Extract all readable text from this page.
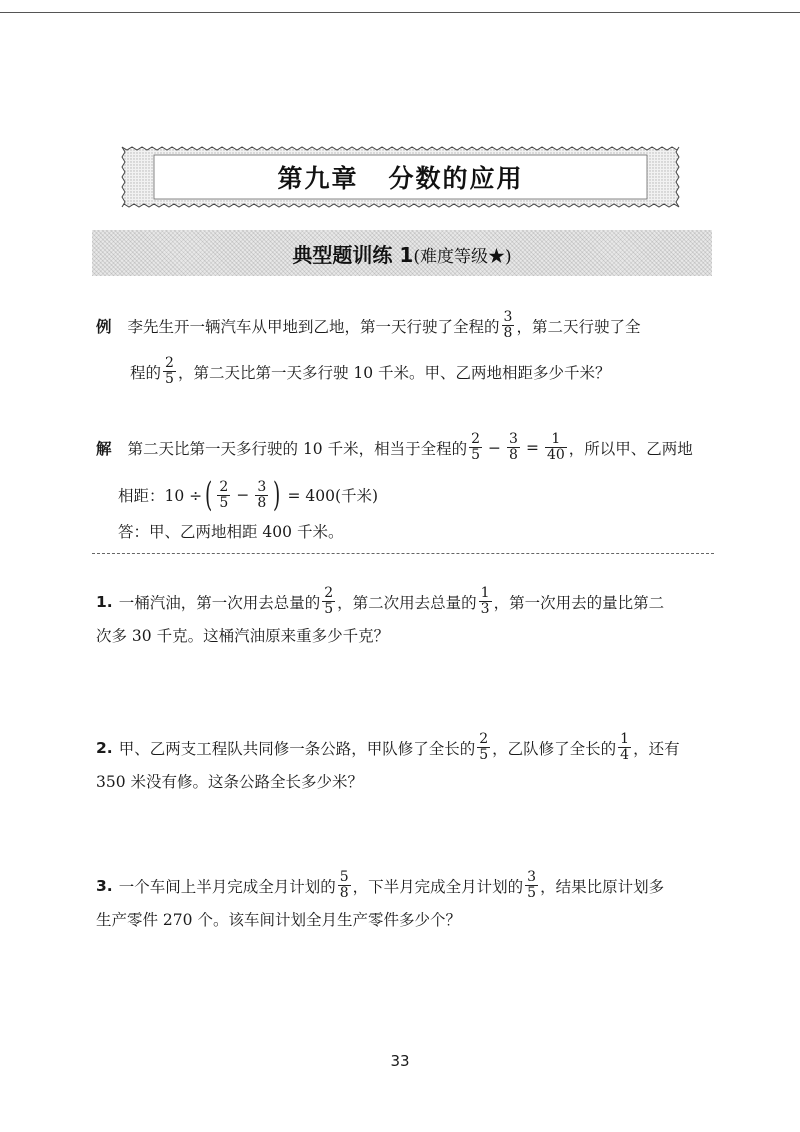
第九章 分数的应用
典型题训练 1(难度等级★)
例 李先生开一辆汽车从甲地到乙地，第一天行驶了全程的 $\frac{3}{8}$ ，第二天行驶了全
程的 $\frac{2}{5}$ ，第二天比第一天多行驶 10 千米。甲、乙两地相距多少千米？
解 第二天比第一天多行驶的 10 千米，相当于全程的 $\frac{2}{5} - \frac{3}{8} = \frac{1}{40}$ ，所以甲、乙两地
相距：10 ÷ ( $\frac{2}{5} - \frac{3}{8}$ ) = 400(千米)
答：甲、乙两地相距 400 千米。
1. 一桶汽油，第一次用去总量的 $\frac{2}{5}$ ，第二次用去总量的 $\frac{1}{3}$ ，第一次用去的量比第二
次多 30 千克。这桶汽油原来重多少千克？
2. 甲、乙两支工程队共同修一条公路，甲队修了全长的 $\frac{2}{5}$ ，乙队修了全长的 $\frac{1}{4}$ ，还有
350 米没有修。这条公路全长多少米？
3. 一个车间上半月完成全月计划的 $\frac{5}{8}$ ，下半月完成全月计划的 $\frac{3}{5}$ ，结果比原计划多
生产零件 270 个。该车间计划全月生产零件多少个？
33
